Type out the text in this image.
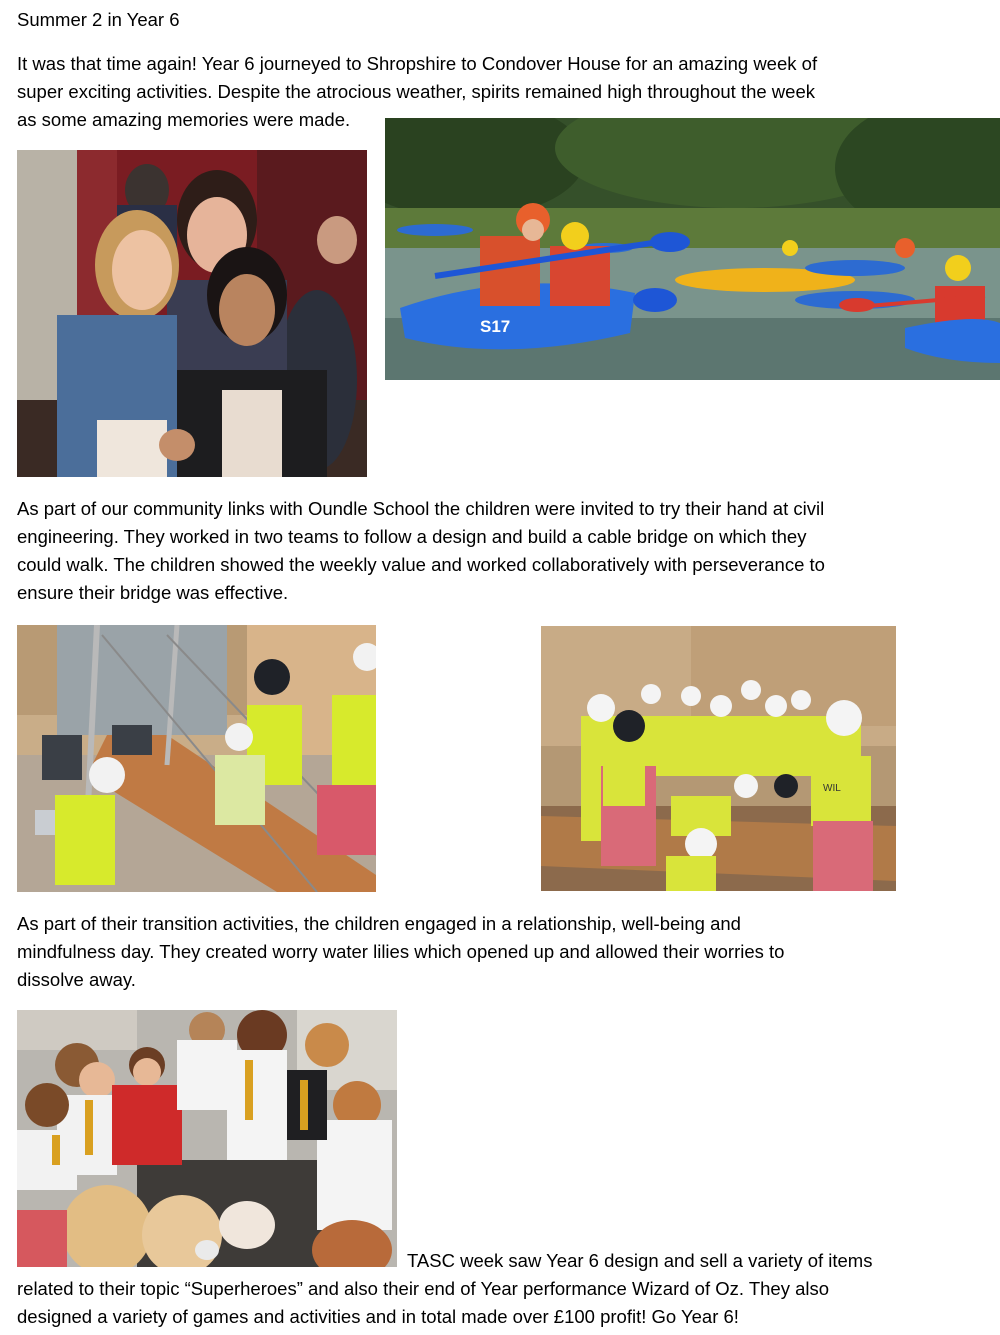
Summer 2 in Year 6

It was that time again! Year 6 journeyed to Shropshire to Condover House for an amazing week of

super exciting activities. Despite the atrocious weather, spirits remained high throughout the week

as some amazing memories were made.

S17

As part of our community links with Oundle School the children were invited to try their hand at civil

engineering. They worked in two teams to follow a design and build a cable bridge on which they

could walk. The children showed the weekly value and worked collaboratively with perseverance to

ensure their bridge was effective.

WIL

As part of their transition activities, the children engaged in a relationship, well-being and

mindfulness day. They created worry water lilies which opened up and allowed their worries to

dissolve away.

TASC week saw Year 6 design and sell a variety of items

related to their topic “Superheroes” and also their end of Year performance Wizard of Oz. They also

designed a variety of games and activities and in total made over £100 profit! Go Year 6!
